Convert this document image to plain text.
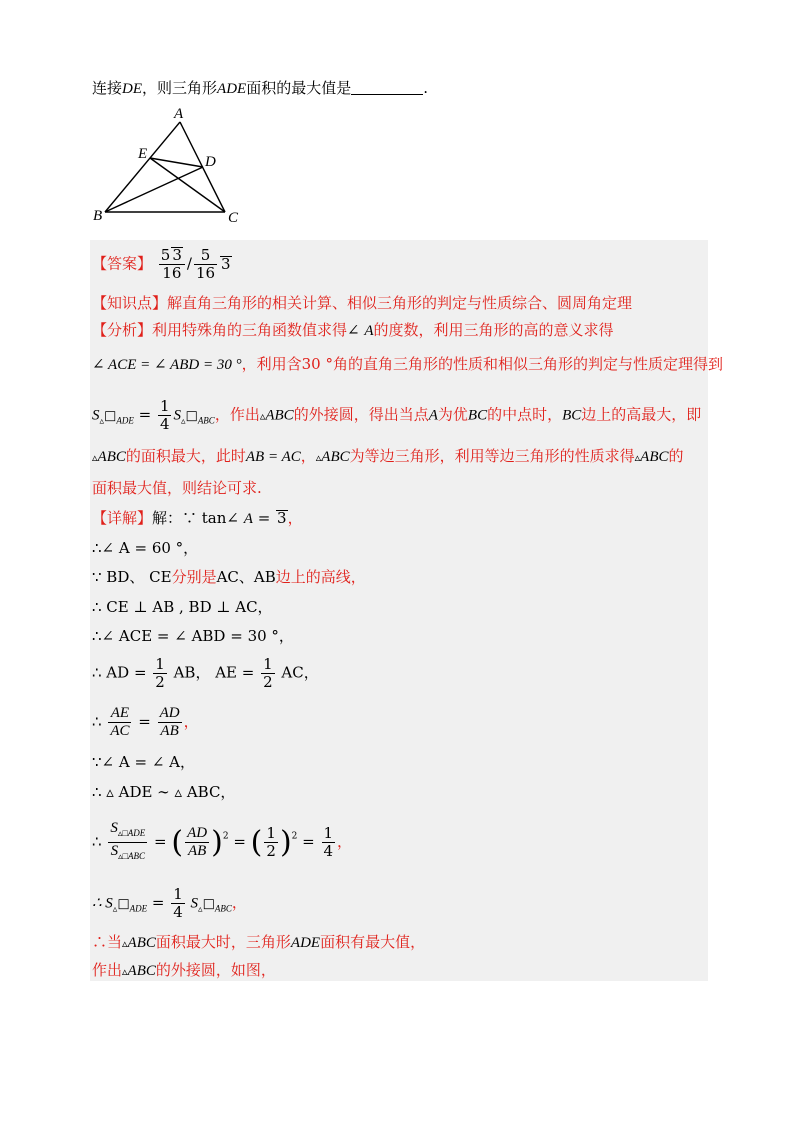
连接DE，则三角形ADE面积的最大值是	.
A
B	C
D
E
【答案】 $\frac{5 3}{16} / \frac{5}{16} 3$
【知识点】解直角三角形的相关计算、相似三角形的判定与性质综合、圆周角定理
【分析】利用特殊角的三角函数值求得∠ A的度数，利用三角形的高的意义求得
∠ ACE = ∠ ABD = 30 °，利用含30 °角的直角三角形的性质和相似三角形的判定与性质定理得到
$S_▵□_{ADE} = \frac{1}{4}$ $S_▵□_{ABC}$，作出▵ABC的外接圆，得出当点A为优BC的中点时，BC边上的高最大，即
▵ABC的面积最大，此时AB = AC，▵ABC为等边三角形，利用等边三角形的性质求得▵ABC的
面积最大值，则结论可求.
【详解】解：∵ tan∠ A = 3，
∴∠ A = 60 °，
∵ BD、 CE分别是AC、AB边上的高线，
∴ CE ⊥ AB , BD ⊥ AC，
∴∠ ACE = ∠ ABD = 30 °，
∴ AD = $\frac{1}{2}$ AB， AE = $\frac{1}{2}$ AC，
∴ $\frac{AE}{AC} = \frac{AD}{AB}$ ，
∵∠ A = ∠ A，
∴ ▵ ADE ∼ ▵ ABC，
∴ $\frac{S_{▵□ADE}}{S_{▵□ABC}}$ = ( $\frac{AD}{AB} )^2$ = ( $\frac{1}{2} )^2 = \frac{1}{4}$ ，
∴ $S_▵□_{ADE} = \frac{1}{4}$ $S_▵□_{ABC}$，
∴当▵ABC面积最大时，三角形ADE面积有最大值，
作出▵ABC的外接圆，如图，
